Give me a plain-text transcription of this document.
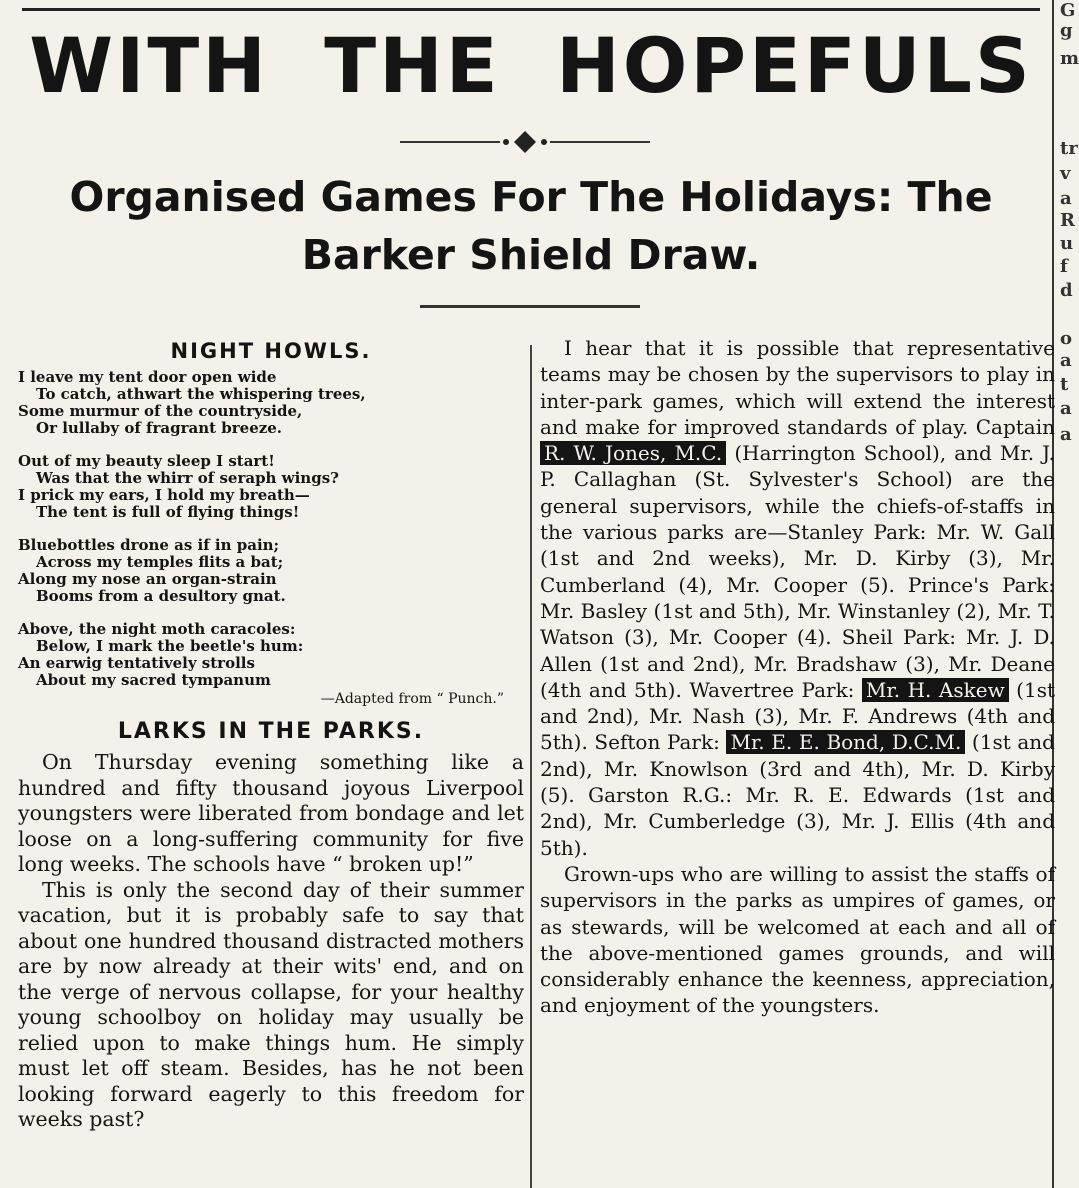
G
g
m
tr
v
a
R
u
f
d
o
a
t
a
a
WITH THE HOPEFULS
Organised Games For The Holidays: The Barker Shield Draw.
NIGHT HOWLS.
I leave my tent door open wide
To catch, athwart the whispering trees,
Some murmur of the countryside,
Or lullaby of fragrant breeze.
Out of my beauty sleep I start!
Was that the whirr of seraph wings?
I prick my ears, I hold my breath—
The tent is full of flying things!
Bluebottles drone as if in pain;
Across my temples flits a bat;
Along my nose an organ-strain
Booms from a desultory gnat.
Above, the night moth caracoles:
Below, I mark the beetle's hum:
An earwig tentatively strolls
About my sacred tympanum
—Adapted from “ Punch.”
LARKS IN THE PARKS.

On Thursday evening something like a hundred and fifty thousand joyous Liverpool youngsters were liberated from bondage and let loose on a long-suffering community for five long weeks. The schools have “ broken up!”

This is only the second day of their summer vacation, but it is probably safe to say that about one hundred thousand distracted mothers are by now already at their wits' end, and on the verge of nervous collapse, for your healthy young schoolboy on holiday may usually be relied upon to make things hum. He simply must let off steam. Besides, has he not been looking forward eagerly to this freedom for weeks past?

I hear that it is possible that representative teams may be chosen by the supervisors to play in inter-park games, which will extend the interest and make for improved standards of play. Captain R. W. Jones, M.C. (Harrington School), and Mr. J. P. Callaghan (St. Sylvester's School) are the general supervisors, while the chiefs-of-staffs in the various parks are—Stanley Park: Mr. W. Gall (1st and 2nd weeks), Mr. D. Kirby (3), Mr. Cumberland (4), Mr. Cooper (5). Prince's Park: Mr. Basley (1st and 5th), Mr. Winstanley (2), Mr. T. Watson (3), Mr. Cooper (4). Sheil Park: Mr. J. D. Allen (1st and 2nd), Mr. Bradshaw (3), Mr. Deane (4th and 5th). Wavertree Park: Mr. H. Askew (1st and 2nd), Mr. Nash (3), Mr. F. Andrews (4th and 5th). Sefton Park: Mr. E. E. Bond, D.C.M. (1st and 2nd), Mr. Knowlson (3rd and 4th), Mr. D. Kirby (5). Garston R.G.: Mr. R. E. Edwards (1st and 2nd), Mr. Cumberledge (3), Mr. J. Ellis (4th and 5th).

Grown-ups who are willing to assist the staffs of supervisors in the parks as umpires of games, or as stewards, will be welcomed at each and all of the above-mentioned games grounds, and will considerably enhance the keenness, appreciation, and enjoyment of the youngsters.
